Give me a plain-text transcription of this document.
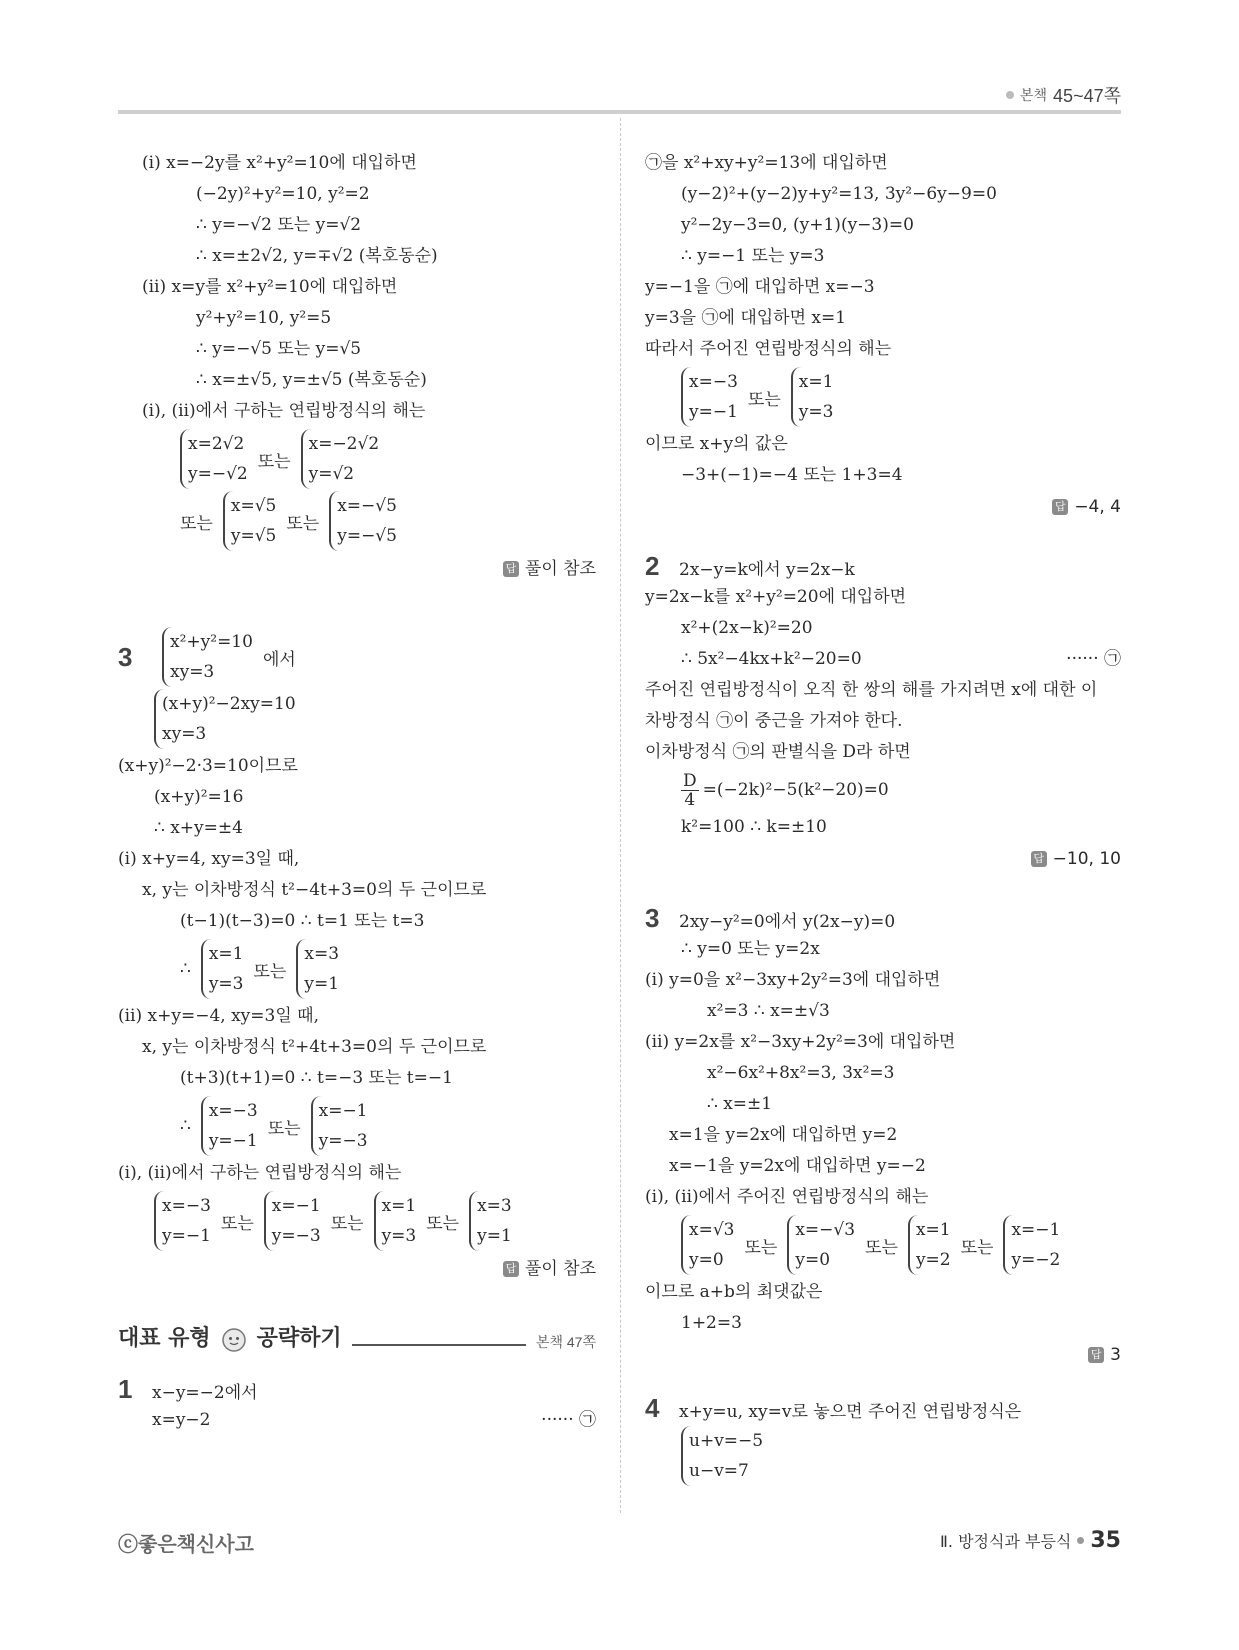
본책 45~47쪽
(ⅰ) x=−2y를 x²+y²=10에 대입하면
(−2y)²+y²=10, y²=2
∴ y=−√2 또는 y=√2
∴ x=±2√2, y=∓√2 (복호동순)
(ⅱ) x=y를 x²+y²=10에 대입하면
y²+y²=10, y²=5
∴ y=−√5 또는 y=√5
∴ x=±√5, y=±√5 (복호동순)
(ⅰ), (ⅱ)에서 구하는 연립방정식의 해는
x=2√2
y=−√2
또는
x=−2√2
y=√2
또는
x=√5
y=√5
또는
x=−√5
y=−√5
답 풀이 참조
3	x²+y²=10
xy=3
에서
(x+y)²−2xy=10
xy=3
(x+y)²−2·3=10이므로
(x+y)²=16
∴ x+y=±4
(ⅰ) x+y=4, xy=3일 때,
x, y는 이차방정식 t²−4t+3=0의 두 근이므로
(t−1)(t−3)=0 ∴ t=1 또는 t=3
∴
x=1
y=3
또는
x=3
y=1
(ⅱ) x+y=−4, xy=3일 때,
x, y는 이차방정식 t²+4t+3=0의 두 근이므로
(t+3)(t+1)=0 ∴ t=−3 또는 t=−1
∴
x=−3
y=−1
또는
x=−1
y=−3
(ⅰ), (ⅱ)에서 구하는 연립방정식의 해는
x=−3
y=−1
또는
x=−1
y=−3
또는
x=1
y=3
또는
x=3
y=1
답 풀이 참조
대표 유형 공략하기	본책 47쪽
1 x−y=−2에서
x=y−2	······ ㉠
㉠을 x²+xy+y²=13에 대입하면
(y−2)²+(y−2)y+y²=13, 3y²−6y−9=0
y²−2y−3=0, (y+1)(y−3)=0
∴ y=−1 또는 y=3
y=−1을 ㉠에 대입하면 x=−3
y=3을 ㉠에 대입하면 x=1
따라서 주어진 연립방정식의 해는
x=−3
y=−1
또는
x=1
y=3
이므로 x+y의 값은
−3+(−1)=−4 또는 1+3=4
답 −4, 4
2 2x−y=k에서 y=2x−k
y=2x−k를 x²+y²=20에 대입하면
x²+(2x−k)²=20
∴ 5x²−4kx+k²−20=0	······ ㉠
주어진 연립방정식이 오직 한 쌍의 해를 가지려면 x에 대한 이
차방정식 ㉠이 중근을 가져야 한다.
이차방정식 ㉠의 판별식을 D라 하면
$\frac{D}{4} =(-2k)^2-5(k^2-20)=0$
k²=100 ∴ k=±10
답 −10, 10
3 2xy−y²=0에서 y(2x−y)=0
∴ y=0 또는 y=2x
(ⅰ) y=0을 x²−3xy+2y²=3에 대입하면
x²=3 ∴ x=±√3
(ⅱ) y=2x를 x²−3xy+2y²=3에 대입하면
x²−6x²+8x²=3, 3x²=3
∴ x=±1
x=1을 y=2x에 대입하면 y=2
x=−1을 y=2x에 대입하면 y=−2
(ⅰ), (ⅱ)에서 주어진 연립방정식의 해는
x=√3
y=0
또는
x=−√3
y=0
또는
x=1
y=2
또는
x=−1
y=−2
이므로 a+b의 최댓값은
1+2=3
답 3
4 x+y=u, xy=v로 놓으면 주어진 연립방정식은
u+v=−5
u−v=7
ⓒ좋은책신사고	Ⅱ. 방정식과 부등식 35
